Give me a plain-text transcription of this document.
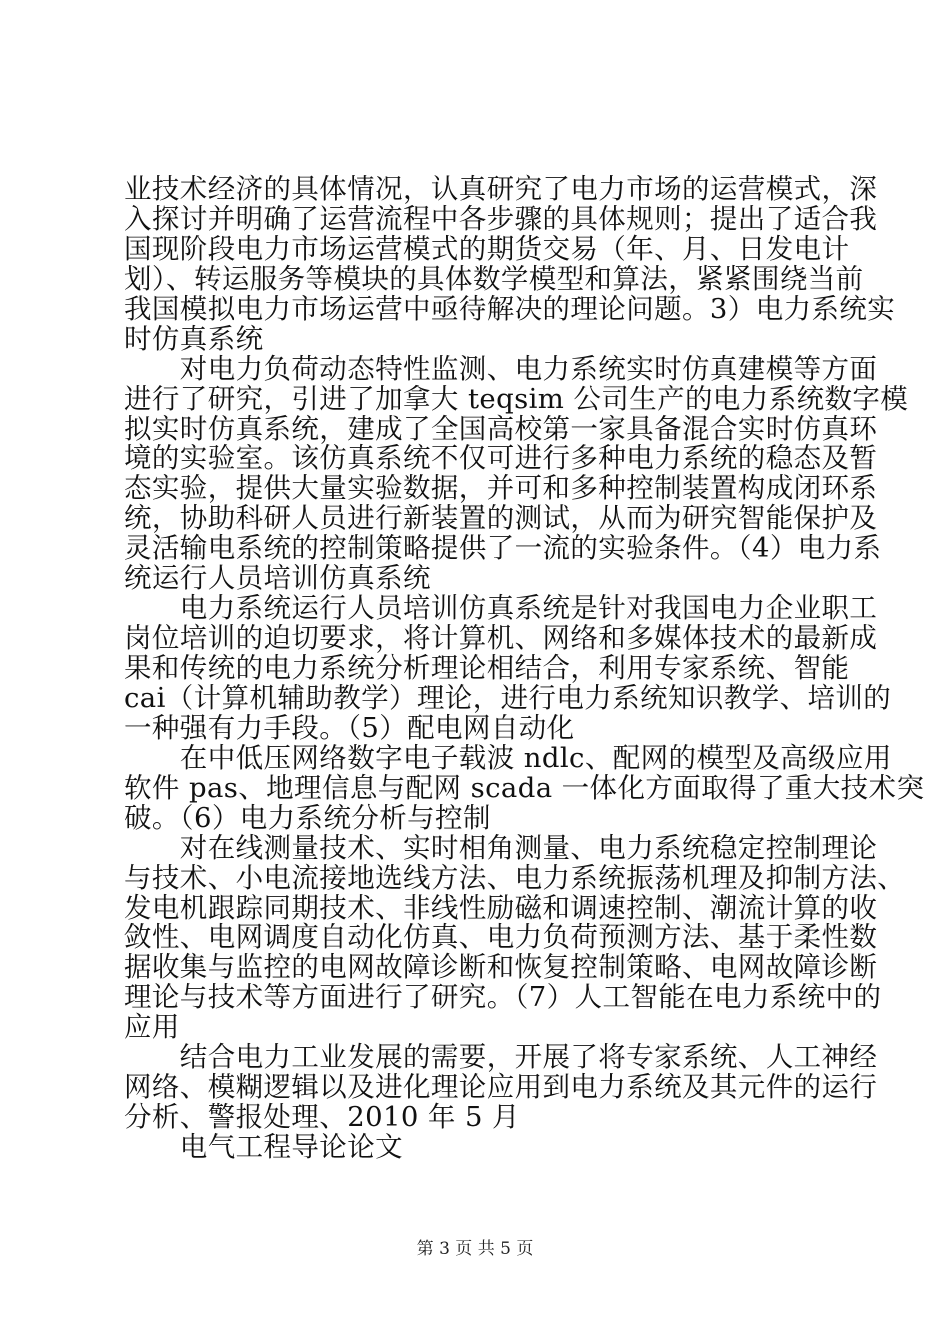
业技术经济的具体情况，认真研究了电力市场的运营模式，深
入探讨并明确了运营流程中各步骤的具体规则；提出了适合我
国现阶段电力市场运营模式的期货交易（年、月、日发电计
划）、转运服务等模块的具体数学模型和算法，紧紧围绕当前
我国模拟电力市场运营中亟待解决的理论问题。3）电力系统实
时仿真系统
　　对电力负荷动态特性监测、电力系统实时仿真建模等方面
进行了研究，引进了加拿大 teqsim 公司生产的电力系统数字模
拟实时仿真系统，建成了全国高校第一家具备混合实时仿真环
境的实验室。该仿真系统不仅可进行多种电力系统的稳态及暂
态实验，提供大量实验数据，并可和多种控制装置构成闭环系
统，协助科研人员进行新装置的测试，从而为研究智能保护及
灵活输电系统的控制策略提供了一流的实验条件。（4）电力系
统运行人员培训仿真系统
　　电力系统运行人员培训仿真系统是针对我国电力企业职工
岗位培训的迫切要求，将计算机、网络和多媒体技术的最新成
果和传统的电力系统分析理论相结合，利用专家系统、智能
cai（计算机辅助教学）理论，进行电力系统知识教学、培训的
一种强有力手段。（5）配电网自动化
　　在中低压网络数字电子载波 ndlc、配网的模型及高级应用
软件 pas、地理信息与配网 scada 一体化方面取得了重大技术突
破。（6）电力系统分析与控制
　　对在线测量技术、实时相角测量、电力系统稳定控制理论
与技术、小电流接地选线方法、电力系统振荡机理及抑制方法、
发电机跟踪同期技术、非线性励磁和调速控制、潮流计算的收
敛性、电网调度自动化仿真、电力负荷预测方法、基于柔性数
据收集与监控的电网故障诊断和恢复控制策略、电网故障诊断
理论与技术等方面进行了研究。（7）人工智能在电力系统中的
应用
　　结合电力工业发展的需要，开展了将专家系统、人工神经
网络、模糊逻辑以及进化理论应用到电力系统及其元件的运行
分析、警报处理、2010 年 5 月
　　电气工程导论论文
第 3 页 共 5 页
